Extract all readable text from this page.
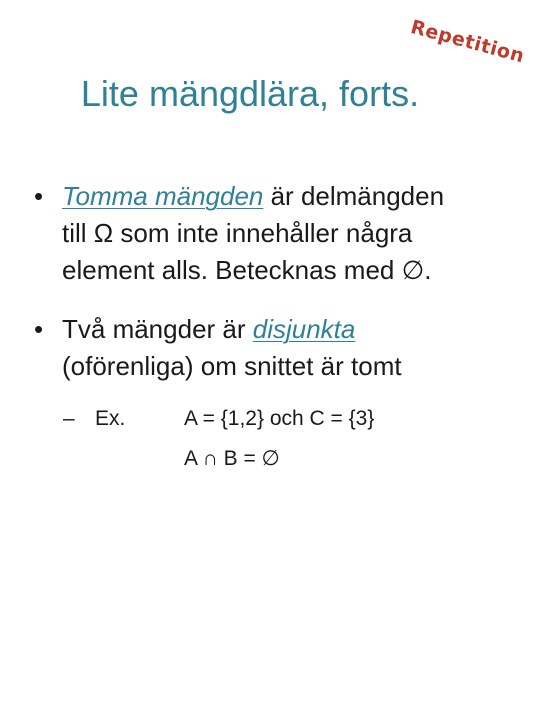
Repetition
Lite mängdlära, forts.
• Tomma mängden är delmängden
till Ω som inte innehåller några
element alls. Betecknas med ∅.
• Två mängder är disjunkta
(oförenliga) om snittet är tomt
– Ex.	A = {1,2} och C = {3}
A ∩ B = ∅
